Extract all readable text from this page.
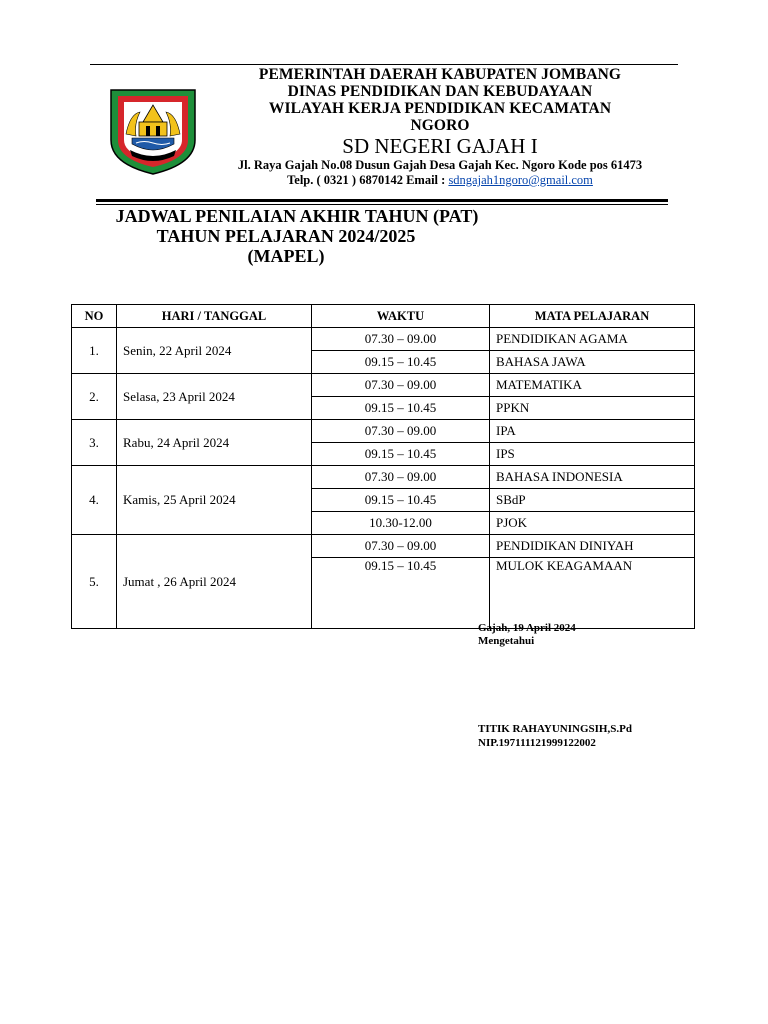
PEMERINTAH DAERAH KABUPATEN JOMBANG
DINAS PENDIDIKAN DAN KEBUDAYAAN
WILAYAH KERJA PENDIDIKAN KECAMATAN
NGORO
SD NEGERI GAJAH I
Jl. Raya Gajah No.08 Dusun Gajah Desa Gajah Kec. Ngoro Kode pos 61473
Telp. ( 0321 ) 6870142 Email : sdngajah1ngoro@gmail.com
JADWAL PENILAIAN AKHIR TAHUN (PAT)
TAHUN PELAJARAN 2024/2025
(MAPEL)
NO	HARI / TANGGAL	WAKTU	MATA PELAJARAN
1.	Senin, 22 April 2024	07.30 – 09.00	PENDIDIKAN AGAMA
		09.15 – 10.45	BAHASA JAWA
2.	Selasa, 23 April 2024	07.30 – 09.00	MATEMATIKA
		09.15 – 10.45	PPKN
3.	Rabu, 24 April 2024	07.30 – 09.00	IPA
		09.15 – 10.45	IPS
4.	Kamis, 25 April 2024	07.30 – 09.00	BAHASA INDONESIA
		09.15 – 10.45	SBdP
		10.30-12.00	PJOK
5.	Jumat , 26 April 2024	07.30 – 09.00	PENDIDIKAN DINIYAH
		09.15 – 10.45	MULOK KEAGAMAAN

Gajah, 19 April 2024
Mengetahui
TITIK RAHAYUNINGSIH,S.Pd
NIP.197111121999122002
